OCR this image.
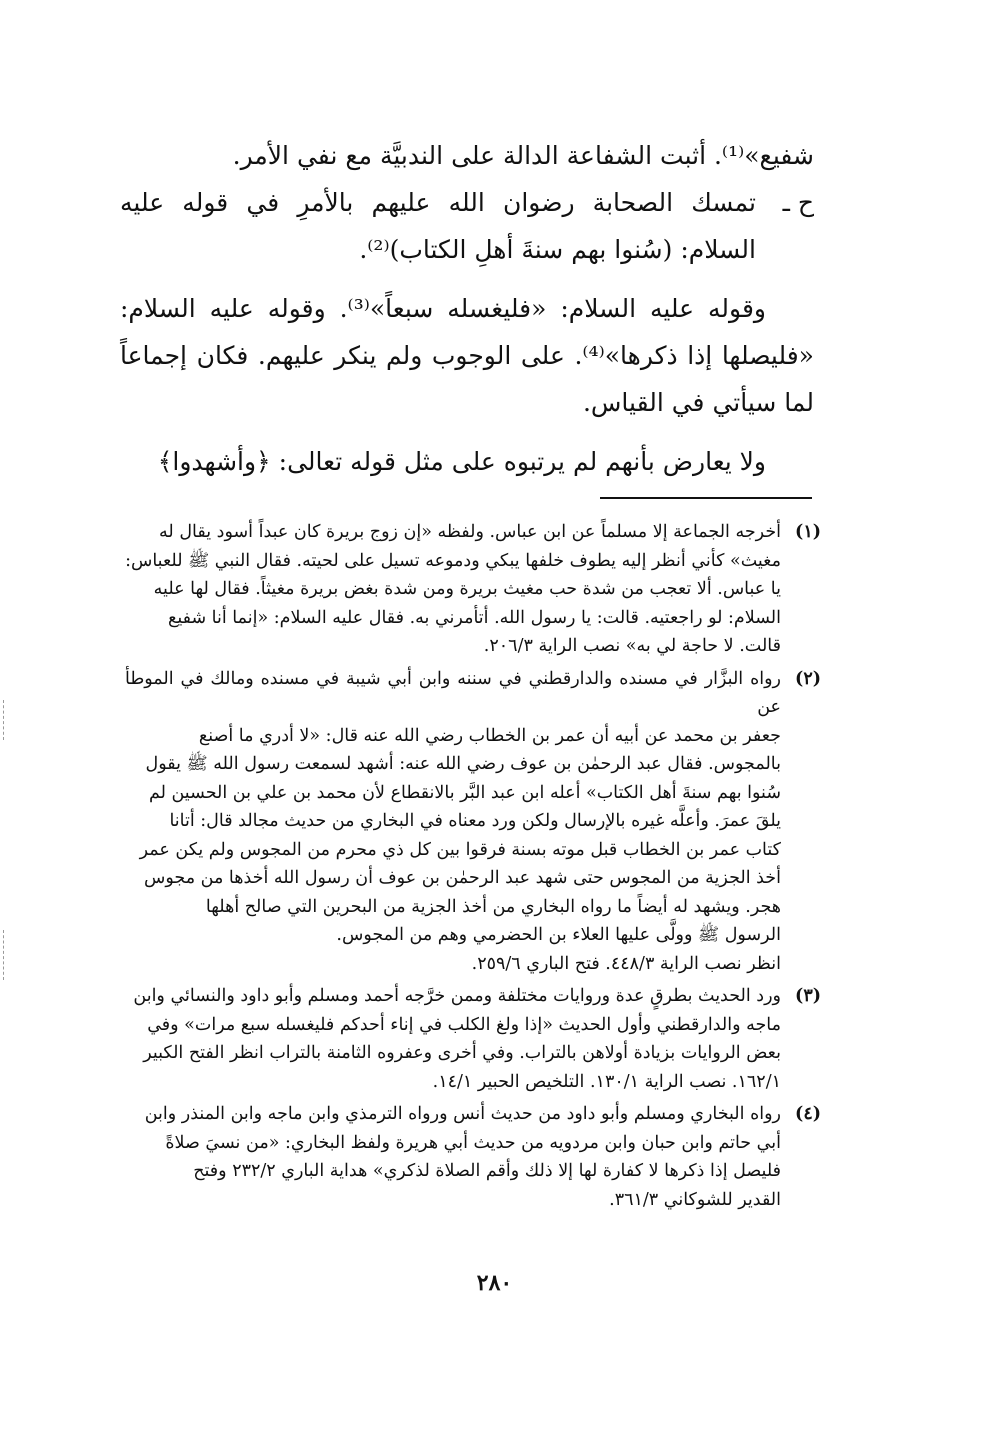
شفيع»⁽¹⁾. أثبت الشفاعة الدالة على الندبيَّة مع نفي الأمر.

ح ـ
تمسك الصحابة رضوان الله عليهم بالأمرِ في قوله عليه السلام: (سُنوا بهم سنةَ أهلِ الكتاب)⁽²⁾.

وقوله عليه السلام: «فليغسله سبعاً»⁽³⁾. وقوله عليه السلام: «فليصلها إذا ذكرها»⁽⁴⁾. على الوجوب ولم ينكر عليهم. فكان إجماعاً لما سيأتي في القياس.

ولا يعارض بأنهم لم يرتبوه على مثل قوله تعالى: ﴿وأشهدوا﴾

(١)
أخرجه الجماعة إلا مسلماً عن ابن عباس. ولفظه «إن زوج بريرة كان عبداً أسود يقال له
مغيث» كأني أنظر إليه يطوف خلفها يبكي ودموعه تسيل على لحيته. فقال النبي ﷺ للعباس:
يا عباس. ألا تعجب من شدة حب مغيث بريرة ومن شدة بغض بريرة مغيثاً. فقال لها عليه
السلام: لو راجعتيه. قالت: يا رسول الله. أتأمرني به. فقال عليه السلام: «إنما أنا شفيع
قالت. لا حاجة لي به» نصب الراية ٢٠٦/٣.
(٢)
رواه البزَّار في مسنده والدارقطني في سننه وابن أبي شيبة في مسنده ومالك في الموطأ عن
جعفر بن محمد عن أبيه أن عمر بن الخطاب رضي الله عنه قال: «لا أدري ما أصنع
بالمجوس. فقال عبد الرحمٰن بن عوف رضي الله عنه: أشهد لسمعت رسول الله ﷺ يقول
سُنوا بهم سنةَ أهل الكتاب» أعله ابن عبد البَّر بالانقطاع لأن محمد بن علي بن الحسين لم
يلقَ عمرَ. وأعلَّه غيره بالإرسال ولكن ورد معناه في البخاري من حديث مجالد قال: أتانا
كتاب عمر بن الخطاب قبل موته بسنة فرقوا بين كل ذي محرم من المجوس ولم يكن عمر
أخذ الجزية من المجوس حتى شهد عبد الرحمٰن بن عوف أن رسول الله أخذها من مجوس
هجر. ويشهد له أيضاً ما رواه البخاري من أخذ الجزية من البحرين التي صالح أهلها
الرسول ﷺ وولَّى عليها العلاء بن الحضرمي وهم من المجوس.
انظر نصب الراية ٤٤٨/٣. فتح الباري ٢٥٩/٦.
(٣)
ورد الحديث بطرقٍ عدة وروايات مختلفة وممن خرَّجه أحمد ومسلم وأبو داود والنسائي وابن
ماجه والدارقطني وأول الحديث «إذا ولغ الكلب في إناء أحدكم فليغسله سبع مرات» وفي
بعض الروايات بزيادة أولاهن بالتراب. وفي أخرى وعفروه الثامنة بالتراب انظر الفتح الكبير
١٦٢/١. نصب الراية ١٣٠/١. التلخيص الحبير ١٤/١.
(٤)
رواه البخاري ومسلم وأبو داود من حديث أنس ورواه الترمذي وابن ماجه وابن المنذر وابن
أبي حاتم وابن حبان وابن مردويه من حديث أبي هريرة ولفظ البخاري: «من نسيَ صلاةً
فليصل إذا ذكرها لا كفارة لها إلا ذلك وأقم الصلاة لذكري» هداية الباري ٢٣٢/٢ وفتح
القدير للشوكاني ٣٦١/٣.
٢٨٠
